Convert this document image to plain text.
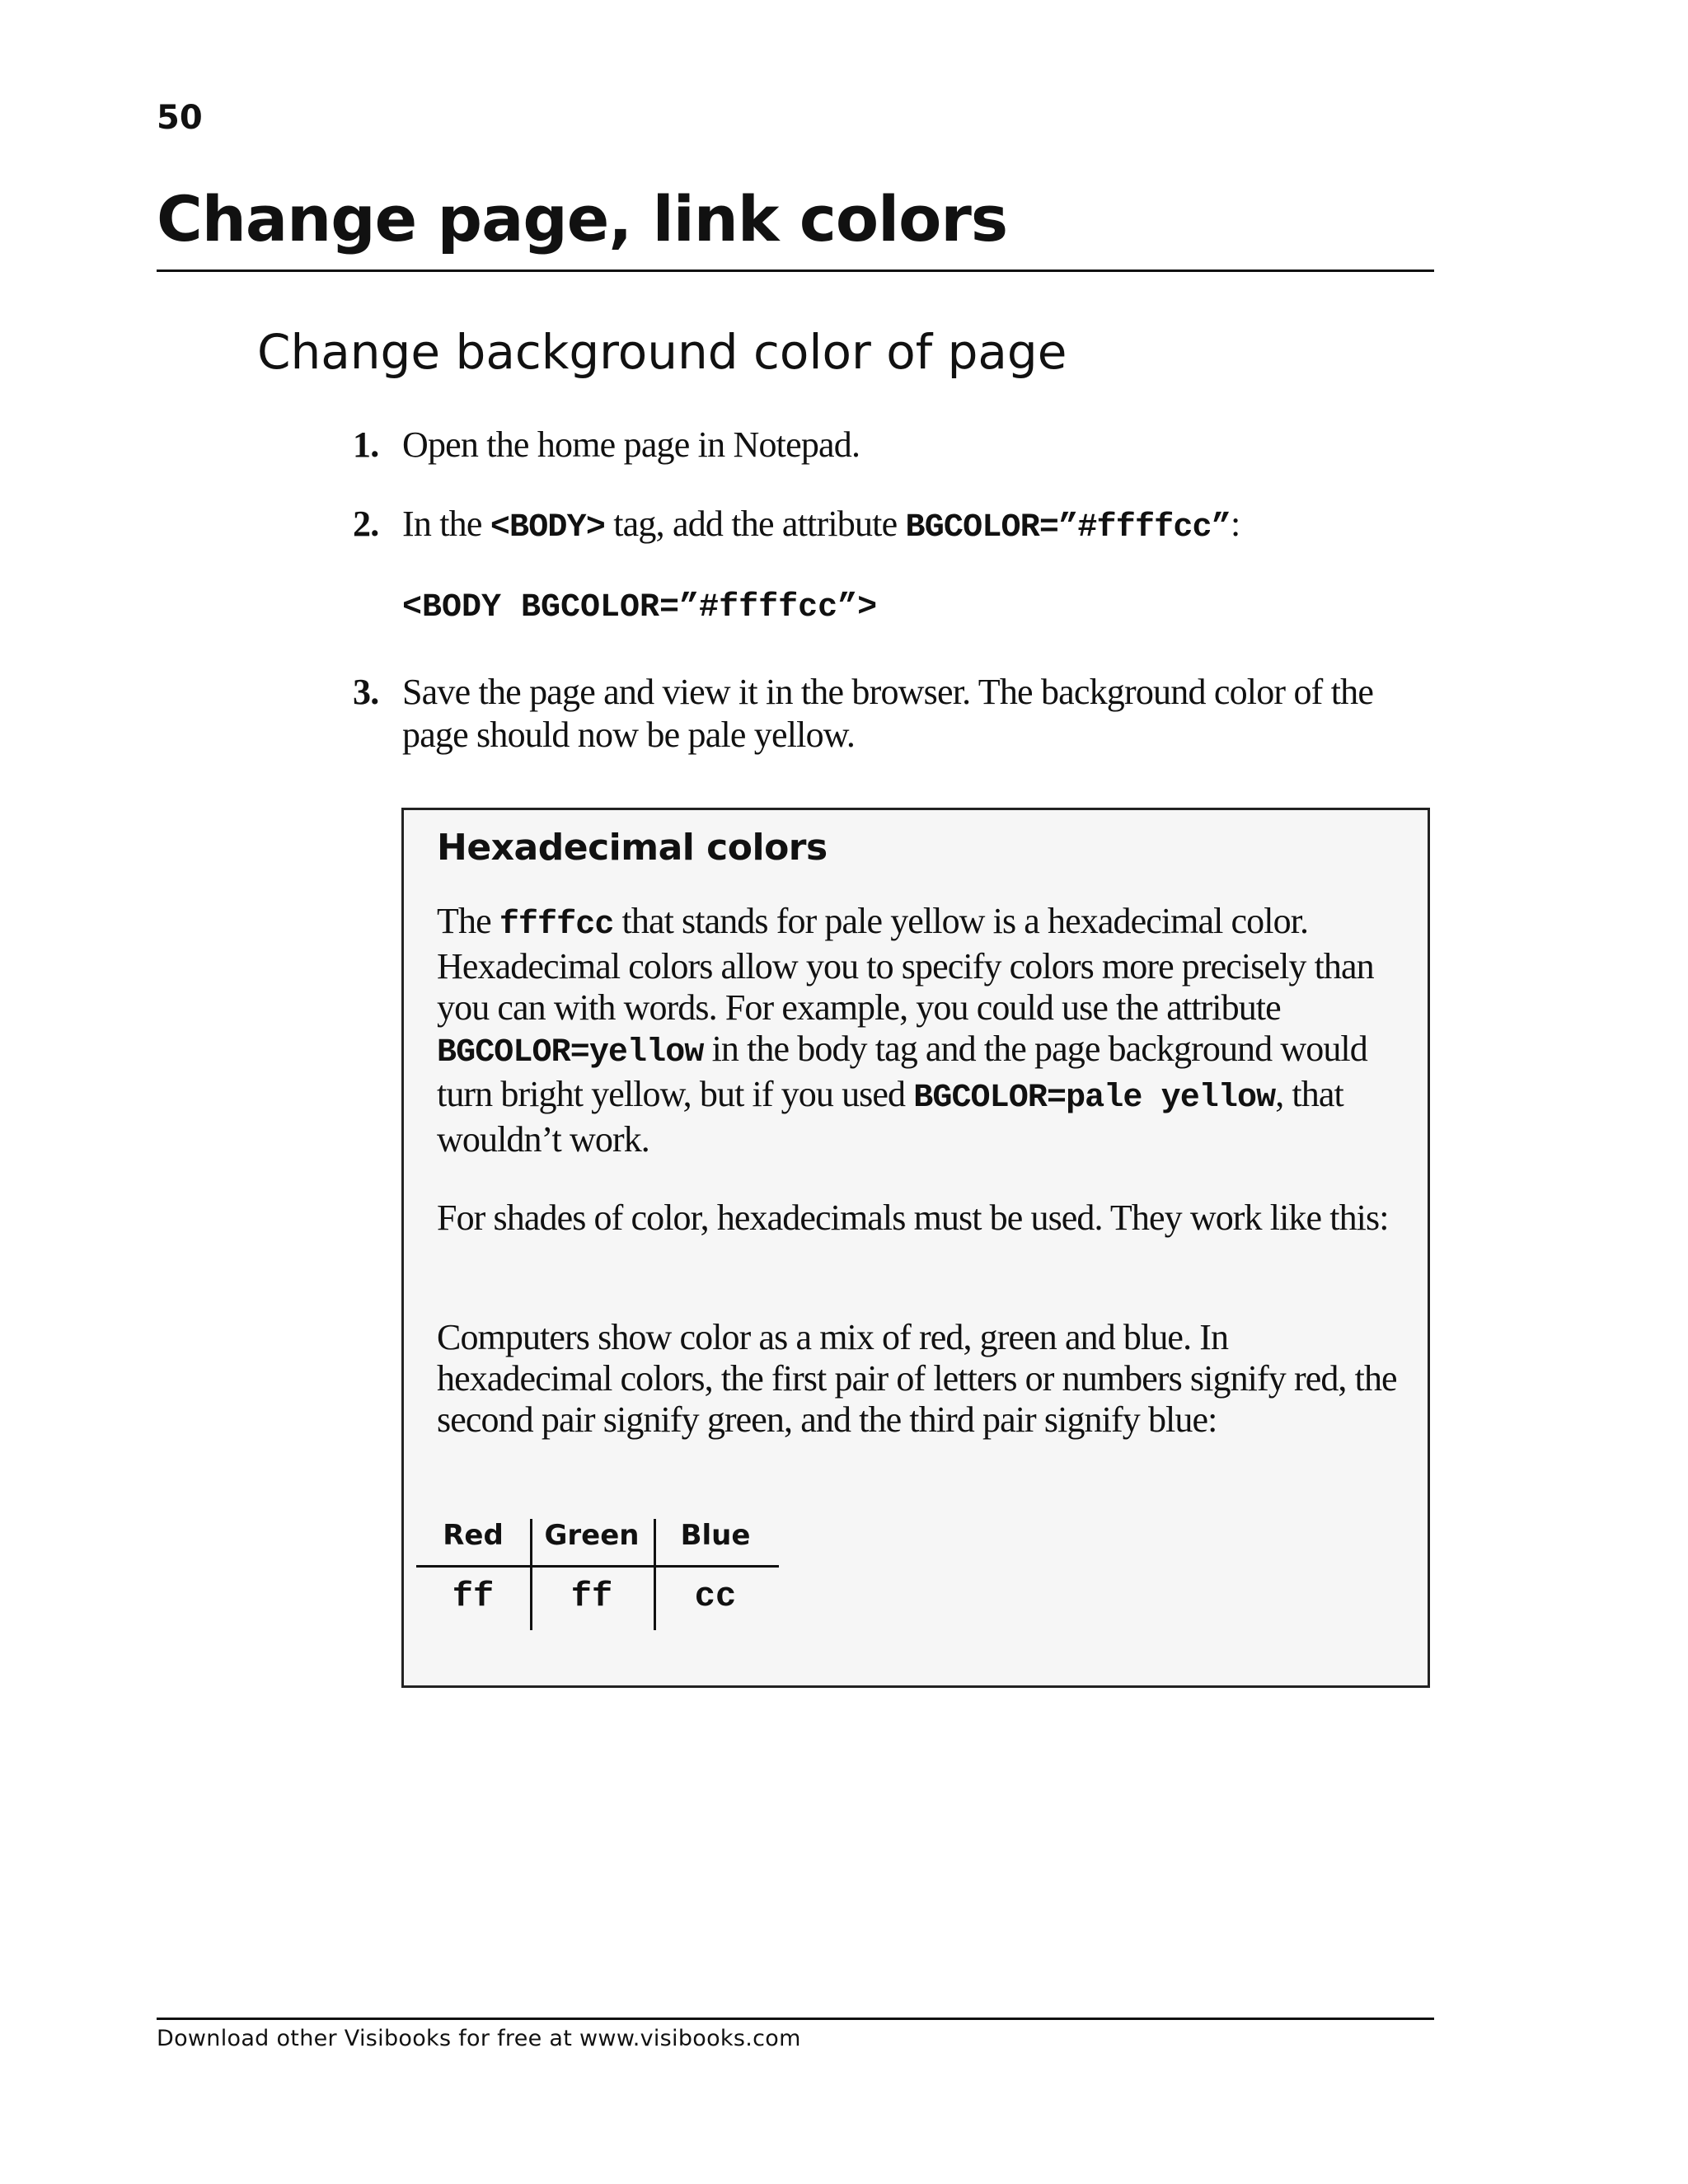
50
Change page, link colors
Change background color of page
1. Open the home page in Notepad.
2. In the <BODY> tag, add the attribute BGCOLOR=”#ffffcc”:
<BODY BGCOLOR=”#ffffcc”>
3. Save the page and view it in the browser. The background color of the page should now be pale yellow.
Hexadecimal colors
The ffffcc that stands for pale yellow is a hexadecimal color. Hexadecimal colors allow you to specify colors more precisely than you can with words. For example, you could use the attribute BGCOLOR=yellow in the body tag and the page background would turn bright yellow, but if you used BGCOLOR=pale yellow, that wouldn’t work.
For shades of color, hexadecimals must be used. They work like this:
Computers show color as a mix of red, green and blue. In hexadecimal colors, the first pair of letters or numbers signify red, the second pair signify green, and the third pair signify blue:
Red	Green	Blue
ff	ff	cc
Download other Visibooks for free at www.visibooks.com
